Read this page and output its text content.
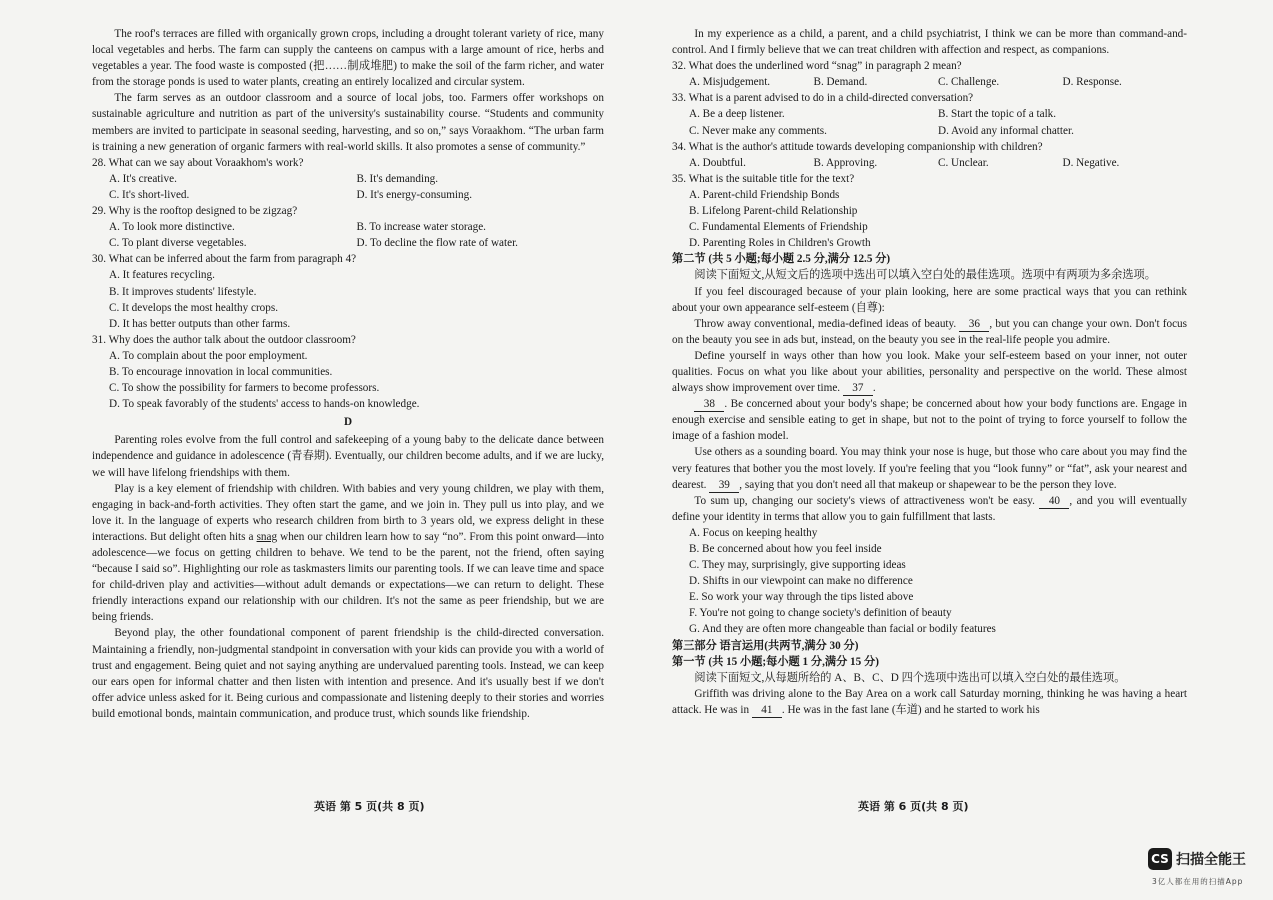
The roof's terraces are filled with organically grown crops, including a drought tolerant variety of rice, many local vegetables and herbs. The farm can supply the canteens on campus with a large amount of rice, herbs and vegetables a year. The food waste is composted (把……制成堆肥) to make the soil of the farm richer, and water from the storage ponds is used to water plants, creating an entirely localized and circular system.

The farm serves as an outdoor classroom and a source of local jobs, too. Farmers offer workshops on sustainable agriculture and nutrition as part of the university's sustainability course. “Students and community members are invited to participate in seasonal seeding, harvesting, and so on,” says Voraakhom. “The urban farm is training a new generation of organic farmers with real-world skills. It also promotes a sense of community.”

28. What can we say about Voraakhom's work?

A. It's creative.	B. It's demanding.
C. It's short-lived.	D. It's energy-consuming.

29. Why is the rooftop designed to be zigzag?

A. To look more distinctive.	B. To increase water storage.
C. To plant diverse vegetables.	D. To decline the flow rate of water.

30. What can be inferred about the farm from paragraph 4?

A. It features recycling.
B. It improves students' lifestyle.
C. It develops the most healthy crops.
D. It has better outputs than other farms.

31. Why does the author talk about the outdoor classroom?

A. To complain about the poor employment.
B. To encourage innovation in local communities.
C. To show the possibility for farmers to become professors.
D. To speak favorably of the students' access to hands-on knowledge.

D

Parenting roles evolve from the full control and safekeeping of a young baby to the delicate dance between independence and guidance in adolescence (青春期). Eventually, our children become adults, and if we are lucky, we will have lifelong friendships with them.

Play is a key element of friendship with children. With babies and very young children, we play with them, engaging in back-and-forth activities. They often start the game, and we join in. They pull us into play, and we love it. In the language of experts who research children from birth to 3 years old, we express delight in these interactions. But delight often hits a snag when our children learn how to say “no”. From this point onward—into adolescence—we focus on getting children to behave. We tend to be the parent, not the friend, often saying “because I said so”. Highlighting our role as taskmasters limits our parenting tools. If we can leave time and space for child-driven play and activities—without adult demands or expectations—we can return to delight. These friendly interactions expand our relationship with our children. It's not the same as peer friendship, but we are being friends.

Beyond play, the other foundational component of parent friendship is the child-directed conversation. Maintaining a friendly, non-judgmental standpoint in conversation with your kids can provide you with a world of trust and engagement. Being quiet and not saying anything are undervalued parenting tools. Instead, we can keep our ears open for informal chatter and then listen with intention and presence. And it's usually best if we don't offer advice unless asked for it. Being curious and compassionate and listening deeply to their stories and worries build emotional bonds, maintain communication, and produce trust, which sounds like friendship.

英语 第 5 页(共 8 页)

In my experience as a child, a parent, and a child psychiatrist, I think we can be more than command-and-control. And I firmly believe that we can treat children with affection and respect, as companions.

32. What does the underlined word “snag” in paragraph 2 mean?

A. Misjudgement.	B. Demand.	C. Challenge.	D. Response.

33. What is a parent advised to do in a child-directed conversation?

A. Be a deep listener.	B. Start the topic of a talk.
C. Never make any comments.	D. Avoid any informal chatter.

34. What is the author's attitude towards developing companionship with children?

A. Doubtful.	B. Approving.	C. Unclear.	D. Negative.

35. What is the suitable title for the text?

A. Parent-child Friendship Bonds
B. Lifelong Parent-child Relationship
C. Fundamental Elements of Friendship
D. Parenting Roles in Children's Growth

第二节 (共 5 小题;每小题 2.5 分,满分 12.5 分)

阅读下面短文,从短文后的选项中选出可以填入空白处的最佳选项。选项中有两项为多余选项。

If you feel discouraged because of your plain looking, here are some practical ways that you can rethink about your own appearance self-esteem (自尊):

Throw away conventional, media-defined ideas of beauty. 36 , but you can change your own. Don't focus on the beauty you see in ads but, instead, on the beauty you see in the real-life people you admire.

Define yourself in ways other than how you look. Make your self-esteem based on your inner, not outer qualities. Focus on what you like about your abilities, personality and perspective on the world. These almost always show improvement over time. 37 .

38 . Be concerned about your body's shape; be concerned about how your body functions are. Engage in enough exercise and sensible eating to get in shape, but not to the point of trying to force yourself to follow the image of a fashion model.

Use others as a sounding board. You may think your nose is huge, but those who care about you may find the very features that bother you the most lovely. If you're feeling that you “look funny” or “fat”, ask your nearest and dearest. 39 , saying that you don't need all that makeup or shapewear to be the person they love.

To sum up, changing our society's views of attractiveness won't be easy. 40 , and you will eventually define your identity in terms that allow you to gain fulfillment that lasts.

A. Focus on keeping healthy
B. Be concerned about how you feel inside
C. They may, surprisingly, give supporting ideas
D. Shifts in our viewpoint can make no difference
E. So work your way through the tips listed above
F. You're not going to change society's definition of beauty
G. And they are often more changeable than facial or bodily features

第三部分 语言运用(共两节,满分 30 分)

第一节 (共 15 小题;每小题 1 分,满分 15 分)

阅读下面短文,从每题所给的 A、B、C、D 四个选项中选出可以填入空白处的最佳选项。

Griffith was driving alone to the Bay Area on a work call Saturday morning, thinking he was having a heart attack. He was in 41 . He was in the fast lane (车道) and he started to work his

英语 第 6 页(共 8 页)
CS 扫描全能王
3亿人都在用的扫描App
